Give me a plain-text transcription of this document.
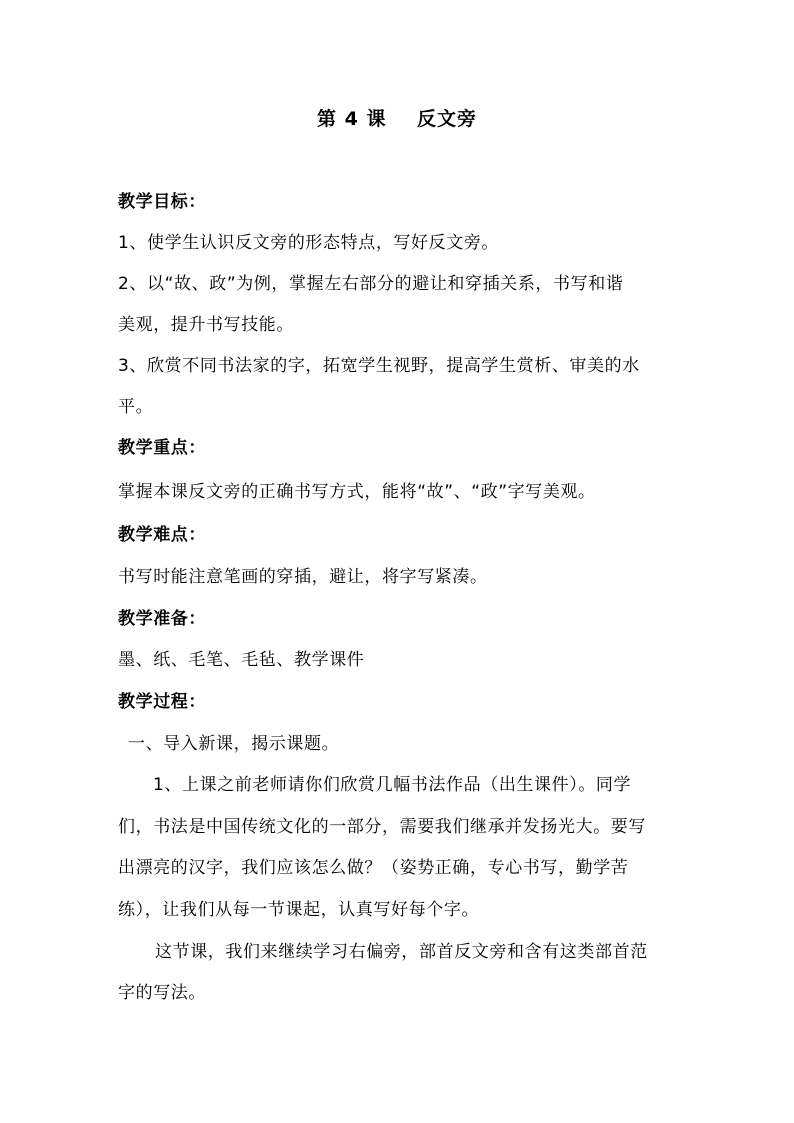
第 4 课    反文旁
教学目标：
1、使学生认识反文旁的形态特点，写好反文旁。
2、以“故、政”为例，掌握左右部分的避让和穿插关系，书写和谐
美观，提升书写技能。
3、欣赏不同书法家的字，拓宽学生视野，提高学生赏析、审美的水
平。
教学重点：
掌握本课反文旁的正确书写方式，能将“故”、“政”字写美观。
教学难点：
书写时能注意笔画的穿插，避让，将字写紧凑。
教学准备：
墨、纸、毛笔、毛毡、教学课件
教学过程：
一、导入新课，揭示课题。
1、上课之前老师请你们欣赏几幅书法作品（出生课件）。同学
们，书法是中国传统文化的一部分，需要我们继承并发扬光大。要写
出漂亮的汉字，我们应该怎么做？（姿势正确，专心书写，勤学苦
练），让我们从每一节课起，认真写好每个字。
这节课，我们来继续学习右偏旁，部首反文旁和含有这类部首范
字的写法。
